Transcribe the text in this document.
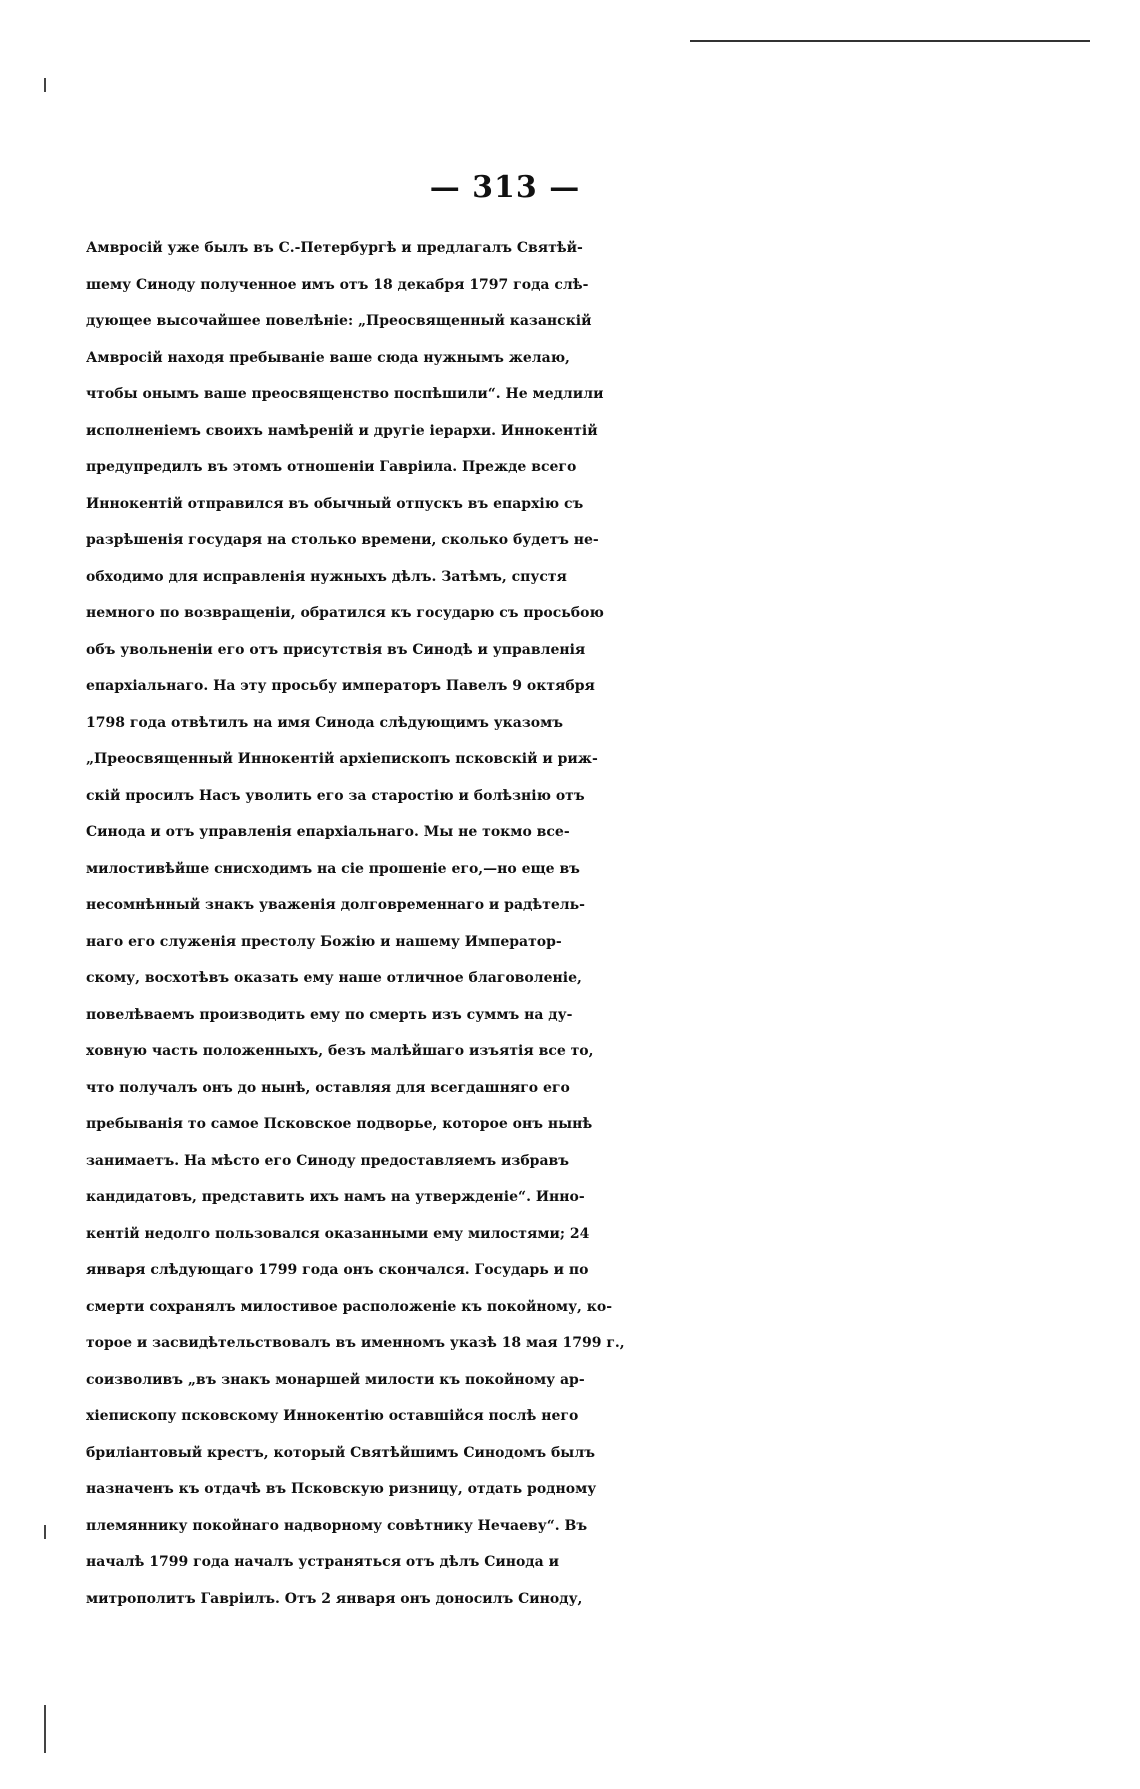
— 313 —
Амвросій уже былъ въ С.-Петербургѣ и предлагалъ Святѣй-
шему Синоду полученное имъ отъ 18 декабря 1797 года слѣ-
дующее высочайшее повелѣніе: „Преосвященный казанскій
Амвросій находя пребываніе ваше сюда нужнымъ желаю,
чтобы онымъ ваше преосвященство поспѣшили“. Не медлили
исполненіемъ своихъ намѣреній и другіе іерархи. Иннокентій
предупредилъ въ этомъ отношеніи Гавріила. Прежде всего
Иннокентій отправился въ обычный отпускъ въ епархію съ
разрѣшенія государя на столько времени, сколько будетъ не-
обходимо для исправленія нужныхъ дѣлъ. Затѣмъ, спустя
немного по возвращеніи, обратился къ государю съ просьбою
объ увольненіи его отъ присутствія въ Синодѣ и управленія
епархіальнаго. На эту просьбу императоръ Павелъ 9 октября
1798 года отвѣтилъ на имя Синода слѣдующимъ указомъ
„Преосвященный Иннокентій архіепископъ псковскій и риж-
скій просилъ Насъ уволить его за старостію и болѣзнію отъ
Синода и отъ управленія епархіальнаго. Мы не токмо все-
милостивѣйше снисходимъ на сіе прошеніе его,—но еще въ
несомнѣнный знакъ уваженія долговременнаго и радѣтель-
наго его служенія престолу Божію и нашему Император-
скому, восхотѣвъ оказать ему наше отличное благоволеніе,
повелѣваемъ производить ему по смерть изъ суммъ на ду-
ховную часть положенныхъ, безъ малѣйшаго изъятія все то,
что получалъ онъ до нынѣ, оставляя для всегдашняго его
пребыванія то самое Псковское подворье, которое онъ нынѣ
занимаетъ. На мѣсто его Синоду предоставляемъ избравъ
кандидатовъ, представить ихъ намъ на утвержденіе“. Инно-
кентій недолго пользовался оказанными ему милостями; 24
января слѣдующаго 1799 года онъ скончался. Государь и по
смерти сохранялъ милостивое расположеніе къ покойному, ко-
торое и засвидѣтельствовалъ въ именномъ указѣ 18 мая 1799 г.,
соизволивъ „въ знакъ монаршей милости къ покойному ар-
хіепископу псковскому Иннокентію оставшійся послѣ него
бриліантовый крестъ, который Святѣйшимъ Синодомъ былъ
назначенъ къ отдачѣ въ Псковскую ризницу, отдать родному
племяннику покойнаго надворному совѣтнику Нечаеву“. Въ
началѣ 1799 года началъ устраняться отъ дѣлъ Синода и
митрополитъ Гавріилъ. Отъ 2 января онъ доносилъ Синоду,
